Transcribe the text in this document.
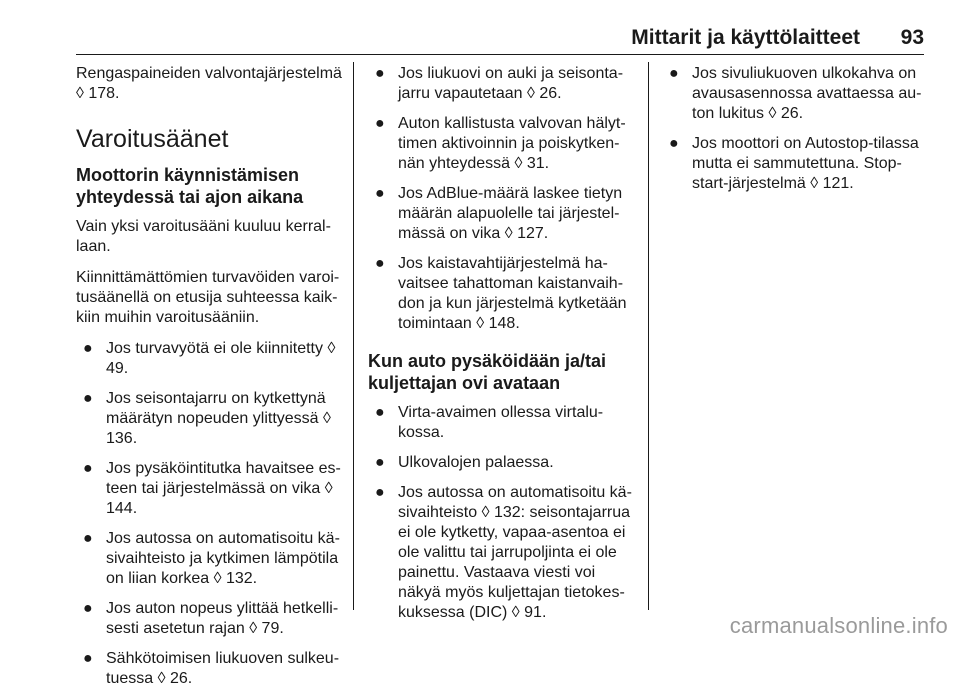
Mittarit ja käyttölaitteet 93

Rengaspaineiden valvontajärjestelmä ◊ 178.

Varoitusäänet
Moottorin käynnistämisen yhteydessä tai ajon aikana

Vain yksi varoitusääni kuuluu kerrallaan.

Kiinnittämättömien turvavöiden varoitusäänellä on etusija suhteessa kaikkiin muihin varoitusääniin.

● Jos turvavyötä ei ole kiinnitetty ◊ 49.
● Jos seisontajarru on kytkettynä määrätyn nopeuden ylittyessä ◊ 136.
● Jos pysäköintitutka havaitsee esteen tai järjestelmässä on vika ◊ 144.
● Jos autossa on automatisoitu käsivaihteisto ja kytkimen lämpötila on liian korkea ◊ 132.
● Jos auton nopeus ylittää hetkellisesti asetetun rajan ◊ 79.
● Sähkötoimisen liukuoven sulkeutuessa ◊ 26.
● Jos liukuovi on auki ja seisontajarru vapautetaan ◊ 26.
● Auton kallistusta valvovan hälyttimen aktivoinnin ja poiskytkennän yhteydessä ◊ 31.
● Jos AdBlue-määrä laskee tietyn määrän alapuolelle tai järjestelmässä on vika ◊ 127.
● Jos kaistavahtijärjestelmä havaitsee tahattoman kaistanvaihdon ja kun järjestelmä kytketään toimintaan ◊ 148.
Kun auto pysäköidään ja/tai kuljettajan ovi avataan
● Virta-avaimen ollessa virtalukossa.
● Ulkovalojen palaessa.
● Jos autossa on automatisoitu käsivaihteisto ◊ 132: seisontajarrua ei ole kytketty, vapaa-asentoa ei ole valittu tai jarrupoljinta ei ole painettu. Vastaava viesti voi näkyä myös kuljettajan tietokeskuksessa (DIC) ◊ 91.
● Jos sivuliukuoven ulkokahva on avausasennossa avattaessa auton lukitus ◊ 26.
● Jos moottori on Autostop-tilassa mutta ei sammutettuna. Stop-start-järjestelmä ◊ 121.
carmanualsonline.info
